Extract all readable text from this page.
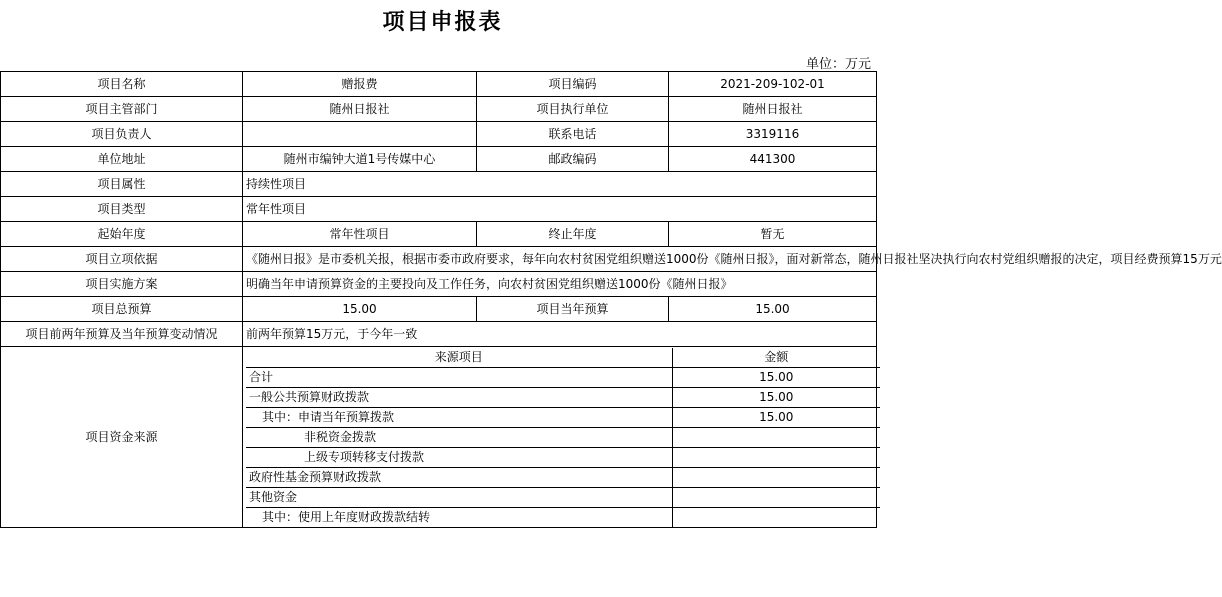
项目申报表
单位：万元
项目名称	赠报费	项目编码	2021-209-102-01
项目主管部门	随州日报社	项目执行单位	随州日报社
项目负责人		联系电话	3319116
单位地址	随州市编钟大道1号传媒中心	邮政编码	441300
项目属性	持续性项目
项目类型	常年性项目
起始年度	常年性项目	终止年度	暂无
项目立项依据	《随州日报》是市委机关报，根据市委市政府要求，每年向农村贫困党组织赠送1000份《随州日报》，面对新常态，随州日报社坚决执行向农村党组织赠报的决定，项目经费预算15万元
项目实施方案	明确当年申请预算资金的主要投向及工作任务，向农村贫困党组织赠送1000份《随州日报》
项目总预算	15.00	项目当年预算	15.00
项目前两年预算及当年预算变动情况	前两年预算15万元，于今年一致
项目资金来源	
来源项目	金额
合计	15.00
一般公共预算财政拨款	15.00
其中：申请当年预算拨款	15.00
非税资金拨款	
上级专项转移支付拨款	
政府性基金预算财政拨款	
其他资金	
其中：使用上年度财政拨款结转	
